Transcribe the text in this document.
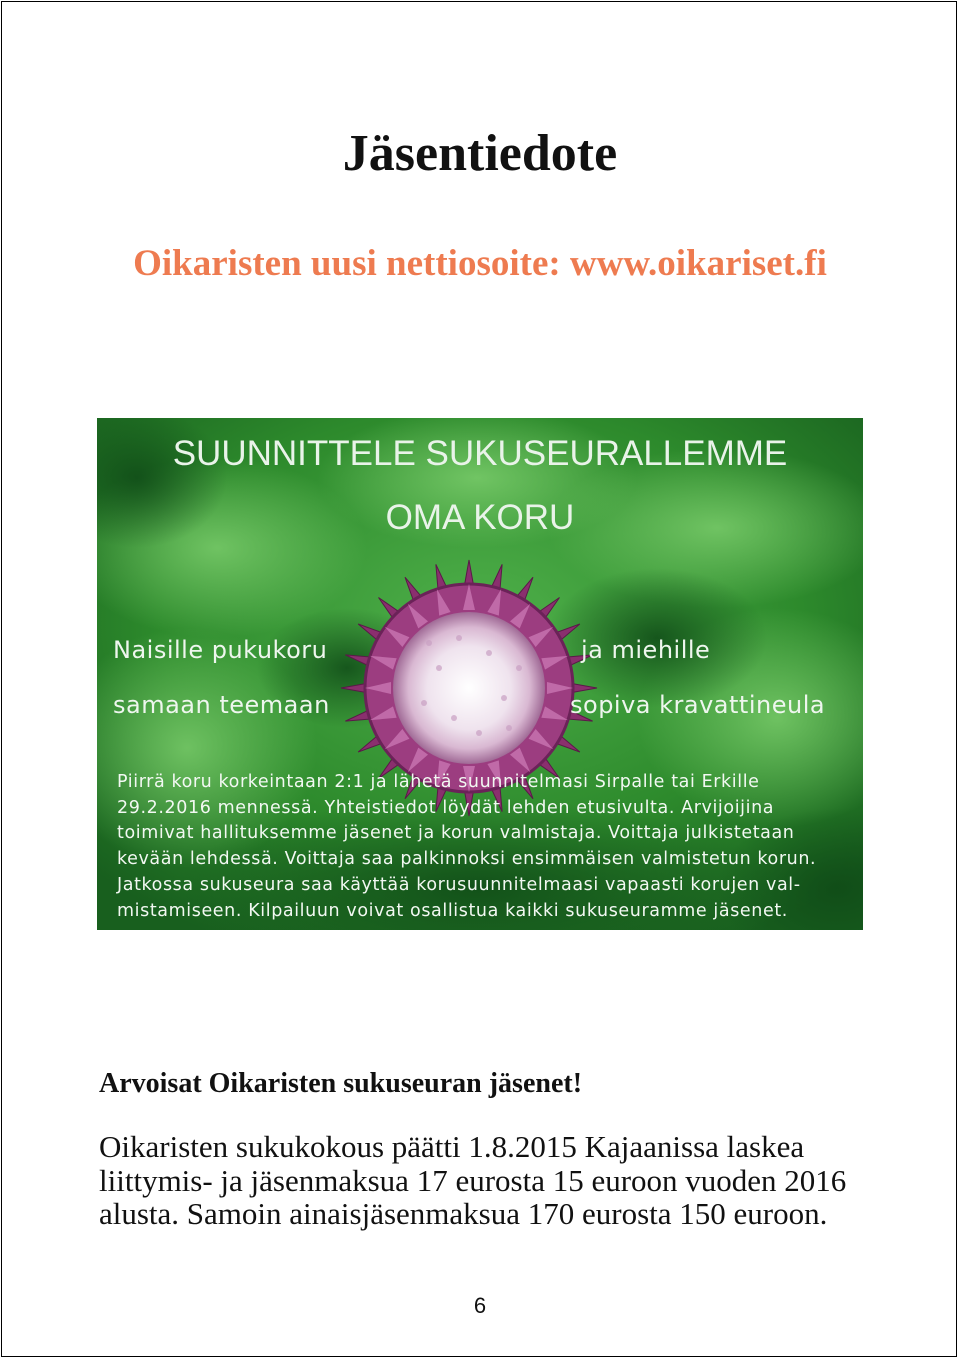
Jäsentiedote
Oikaristen uusi nettiosoite: www.oikariset.fi
SUUNNITTELE SUKUSEURALLEMME
OMA KORU
Naisille pukukoru
samaan teemaan
ja miehille
sopiva kravattineula
Piirrä koru korkeintaan 2:1 ja lähetä suunnitelmasi Sirpalle tai Erkille
29.2.2016 mennessä. Yhteistiedot löydät lehden etusivulta. Arvijoijina
toimivat hallituksemme jäsenet ja korun valmistaja. Voittaja julkistetaan
kevään lehdessä. Voittaja saa palkinnoksi ensimmäisen valmistetun korun.
Jatkossa sukuseura saa käyttää korusuunnitelmaasi vapaasti korujen val-
mistamiseen. Kilpailuun voivat osallistua kaikki sukuseuramme jäsenet.
Arvoisat Oikaristen sukuseuran jäsenet!
Oikaristen sukukokous päätti 1.8.2015 Kajaanissa laskea
liittymis- ja jäsenmaksua 17 eurosta 15 euroon vuoden 2016
alusta. Samoin ainaisjäsenmaksua 170 eurosta 150 euroon.
6
